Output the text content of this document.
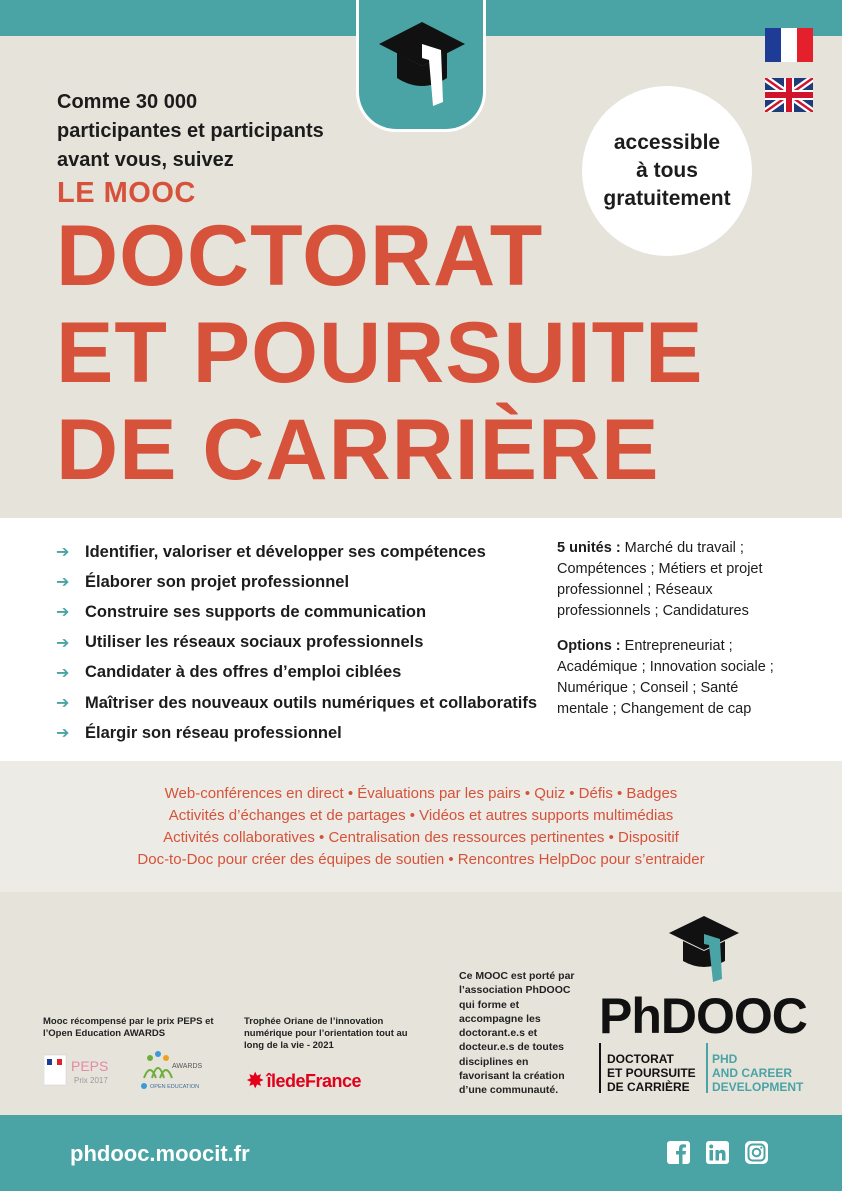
Comme 30 000
participantes et participants
avant vous, suivez
LE MOOC
DOCTORAT
ET POURSUITE
DE CARRIÈRE
accessible
à tous
gratuitement
➔ Identifier, valoriser et développer ses compétences
➔ Élaborer son projet professionnel
➔ Construire ses supports de communication
➔ Utiliser les réseaux sociaux professionnels
➔ Candidater à des offres d’emploi ciblées
➔ Maîtriser des nouveaux outils numériques et collaboratifs
➔ Élargir son réseau professionnel

5 unités : Marché du travail ; Compétences ; Métiers et projet professionnel ; Réseaux professionnels ; Candidatures

Options : Entrepreneuriat ; Académique ; Innovation sociale ; Numérique ; Conseil ; Santé mentale ; Changement de cap

Web-conférences en direct • Évaluations par les pairs • Quiz • Défis • Badges

Activités d’échanges et de partages • Vidéos et autres supports multimédias

Activités collaboratives • Centralisation des ressources pertinentes • Dispositif

Doc-to-Doc pour créer des équipes de soutien • Rencontres HelpDoc pour s’entraider

Mooc récompensé par le prix PEPS et l’Open Education AWARDS
Trophée Oriane de l’innovation numérique pour l’orientation tout au long de la vie - 2021
PEPS
Prix 2017
AWARDS
OPEN EDUCATION ✸ îledeFrance
Ce MOOC est porté par l’association PhDOOC qui forme et accompagne les doctorant.e.s et docteur.e.s de toutes disciplines en favorisant la création d’une communauté.
PhDOOC
DOCTORAT
ET POURSUITE
DE CARRIÈRE
PHD
AND CAREER
DEVELOPMENT
phdooc.moocit.fr
